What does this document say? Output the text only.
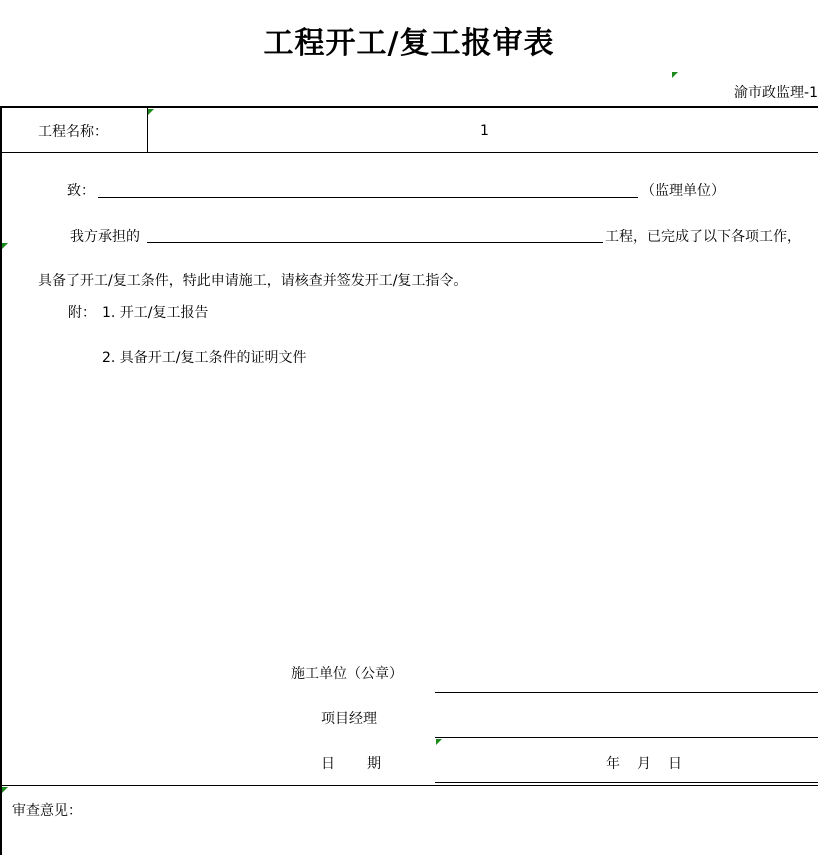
工程开工/复工报审表
渝市政监理-1
工程名称：	1
致：	（监理单位）
我方承担的	工程，已完成了以下各项工作，
具备了开工/复工条件，特此申请施工，请核查并签发开工/复工指令。
附： 1. 开工/复工报告
2. 具备开工/复工条件的证明文件
施工单位（公章）
项目经理
日 期	年 月 日
审查意见：
